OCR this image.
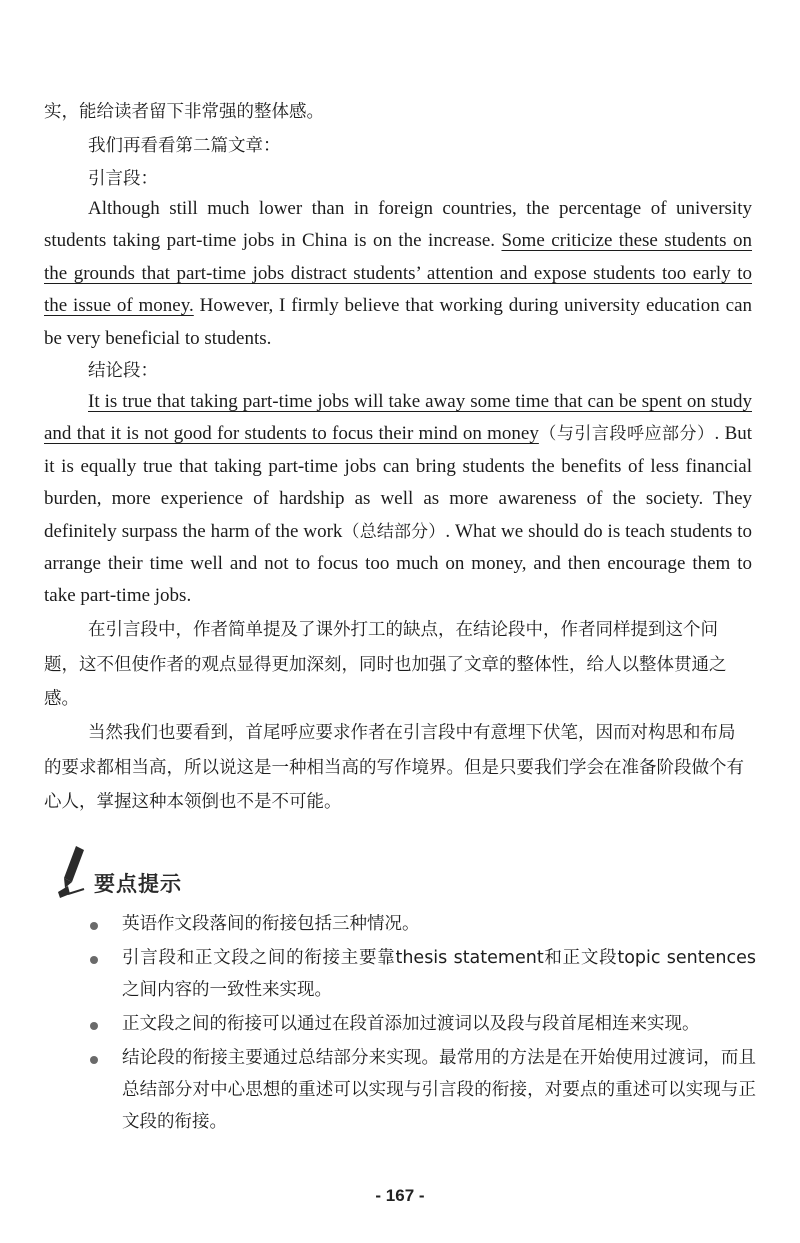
实，能给读者留下非常强的整体感。

我们再看看第二篇文章：

引言段：

Although still much lower than in foreign countries, the percentage of university students taking part-time jobs in China is on the increase. Some criticize these students on the grounds that part-time jobs distract students’ attention and expose students too early to the issue of money. However, I firmly believe that working during university education can be very beneficial to students.

结论段：

It is true that taking part-time jobs will take away some time that can be spent on study and that it is not good for students to focus their mind on money（与引言段呼应部分）. But it is equally true that taking part-time jobs can bring students the benefits of less financial burden, more experience of hardship as well as more awareness of the society. They definitely surpass the harm of the work（总结部分）. What we should do is teach students to arrange their time well and not to focus too much on money, and then encourage them to take part-time jobs.

在引言段中，作者简单提及了课外打工的缺点，在结论段中，作者同样提到这个问题，这不但使作者的观点显得更加深刻，同时也加强了文章的整体性，给人以整体贯通之感。

当然我们也要看到，首尾呼应要求作者在引言段中有意埋下伏笔，因而对构思和布局的要求都相当高，所以说这是一种相当高的写作境界。但是只要我们学会在准备阶段做个有心人，掌握这种本领倒也不是不可能。

要点提示
英语作文段落间的衔接包括三种情况。
引言段和正文段之间的衔接主要靠thesis statement和正文段topic sentences之间内容的一致性来实现。
正文段之间的衔接可以通过在段首添加过渡词以及段与段首尾相连来实现。
结论段的衔接主要通过总结部分来实现。最常用的方法是在开始使用过渡词，而且总结部分对中心思想的重述可以实现与引言段的衔接，对要点的重述可以实现与正文段的衔接。
- 167 -
